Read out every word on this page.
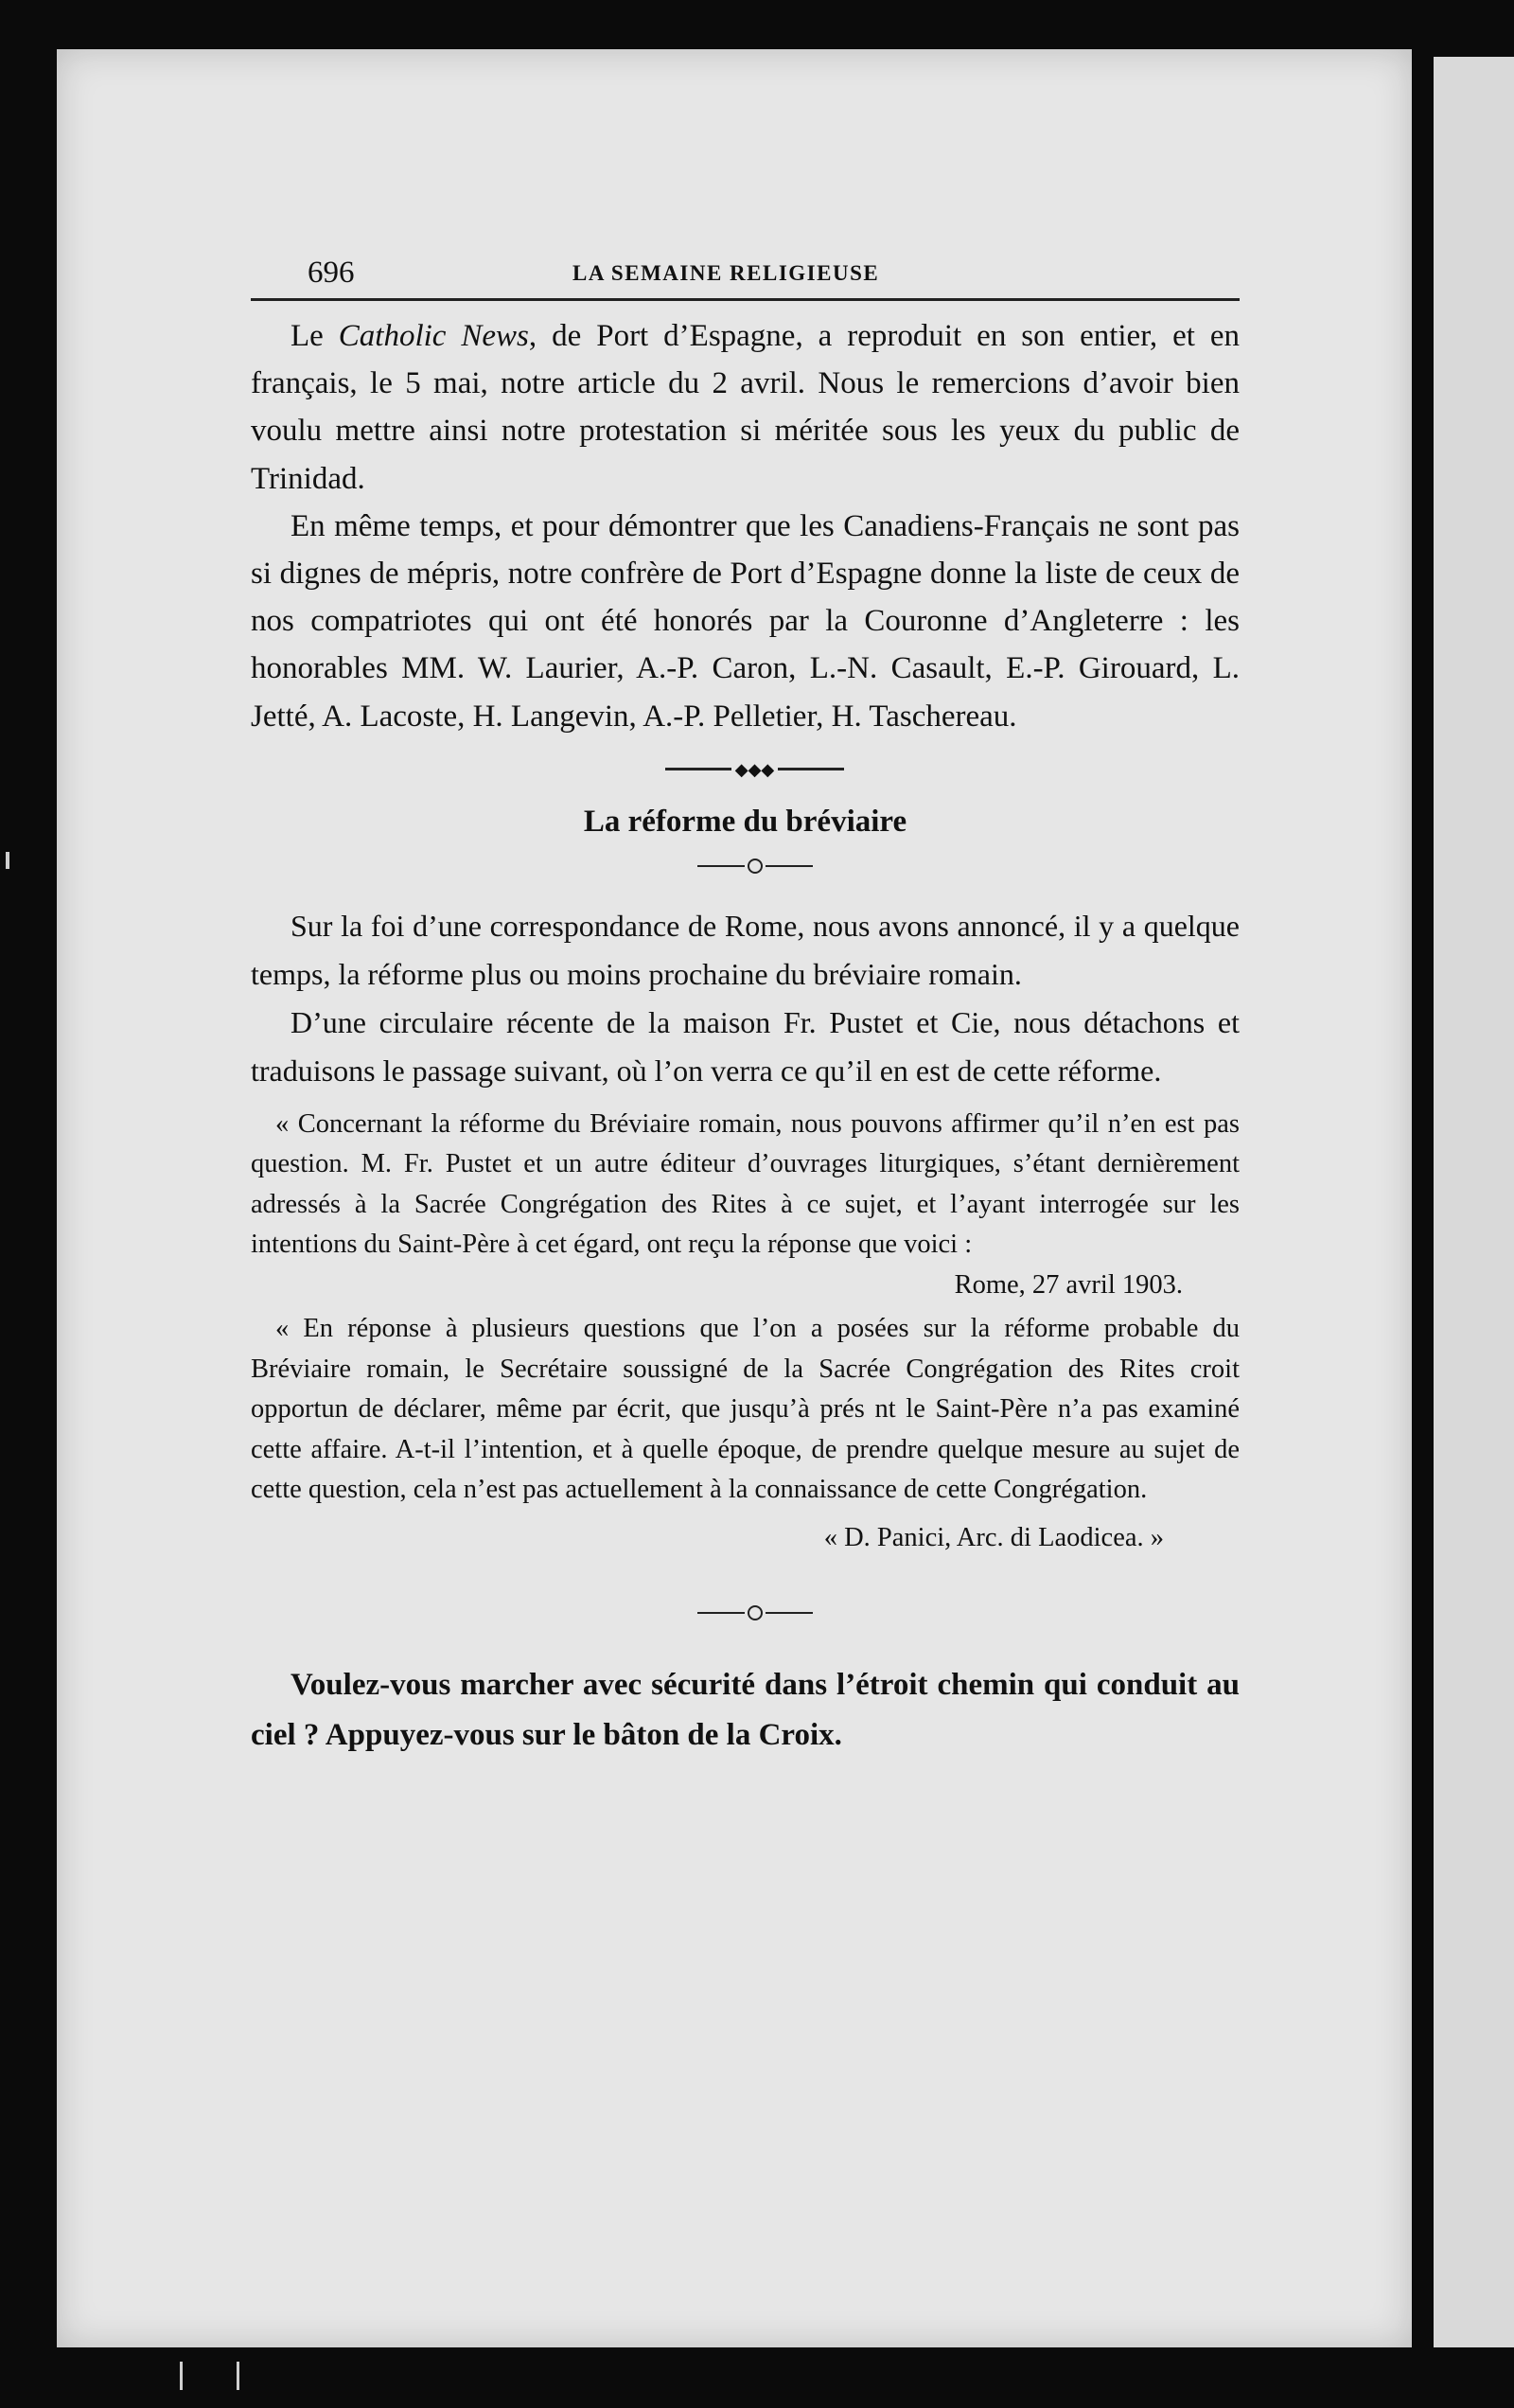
696	LA SEMAINE RELIGIEUSE

Le Catholic News, de Port d’Espagne, a reproduit en son entier, et en français, le 5 mai, notre article du 2 avril. Nous le remercions d’avoir bien voulu mettre ainsi notre protestation si méritée sous les yeux du public de Trinidad.

En même temps, et pour démontrer que les Canadiens-Français ne sont pas si dignes de mépris, notre confrère de Port d’Espagne donne la liste de ceux de nos compatriotes qui ont été honorés par la Couronne d’Angleterre : les honorables MM. W. Laurier, A.-P. Caron, L.-N. Casault, E.-P. Girouard, L. Jetté, A. Lacoste, H. Langevin, A.-P. Pelletier, H. Taschereau.

◆◆◆
La réforme du bréviaire

Sur la foi d’une correspondance de Rome, nous avons annoncé, il y a quelque temps, la réforme plus ou moins prochaine du bréviaire romain.

D’une circulaire récente de la maison Fr. Pustet et Cie, nous détachons et traduisons le passage suivant, où l’on verra ce qu’il en est de cette réforme.

« Concernant la réforme du Bréviaire romain, nous pouvons affirmer qu’il n’en est pas question. M. Fr. Pustet et un autre éditeur d’ouvrages liturgiques, s’étant dernièrement adressés à la Sacrée Congrégation des Rites à ce sujet, et l’ayant interrogée sur les intentions du Saint-Père à cet égard, ont reçu la réponse que voici :

Rome, 27 avril 1903.

« En réponse à plusieurs questions que l’on a posées sur la réforme probable du Bréviaire romain, le Secrétaire soussigné de la Sacrée Congrégation des Rites croit opportun de déclarer, même par écrit, que jusqu’à prés nt le Saint-Père n’a pas examiné cette affaire. A-t-il l’intention, et à quelle époque, de prendre quelque mesure au sujet de cette question, cela n’est pas actuellement à la connaissance de cette Congrégation.

« D. Panici, Arc. di Laodicea. »

Voulez-vous marcher avec sécurité dans l’étroit chemin qui conduit au ciel ? Appuyez-vous sur le bâton de la Croix.
